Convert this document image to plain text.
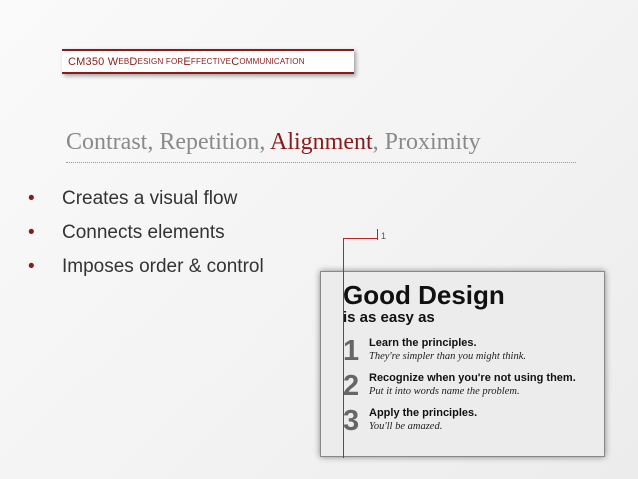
CM350 W EB D ESIGN FOR E FFECTIVE C OMMUNICATION
Contrast, Repetition, Alignment, Proximity
• Creates a visual flow
• Connects elements
• Imposes order & control
1
Good Design
is as easy as
1 Learn the principles.
They're simpler than you might think.
2 Recognize when you're not using them.
Put it into words name the problem.
3 Apply the principles.
You'll be amazed.
